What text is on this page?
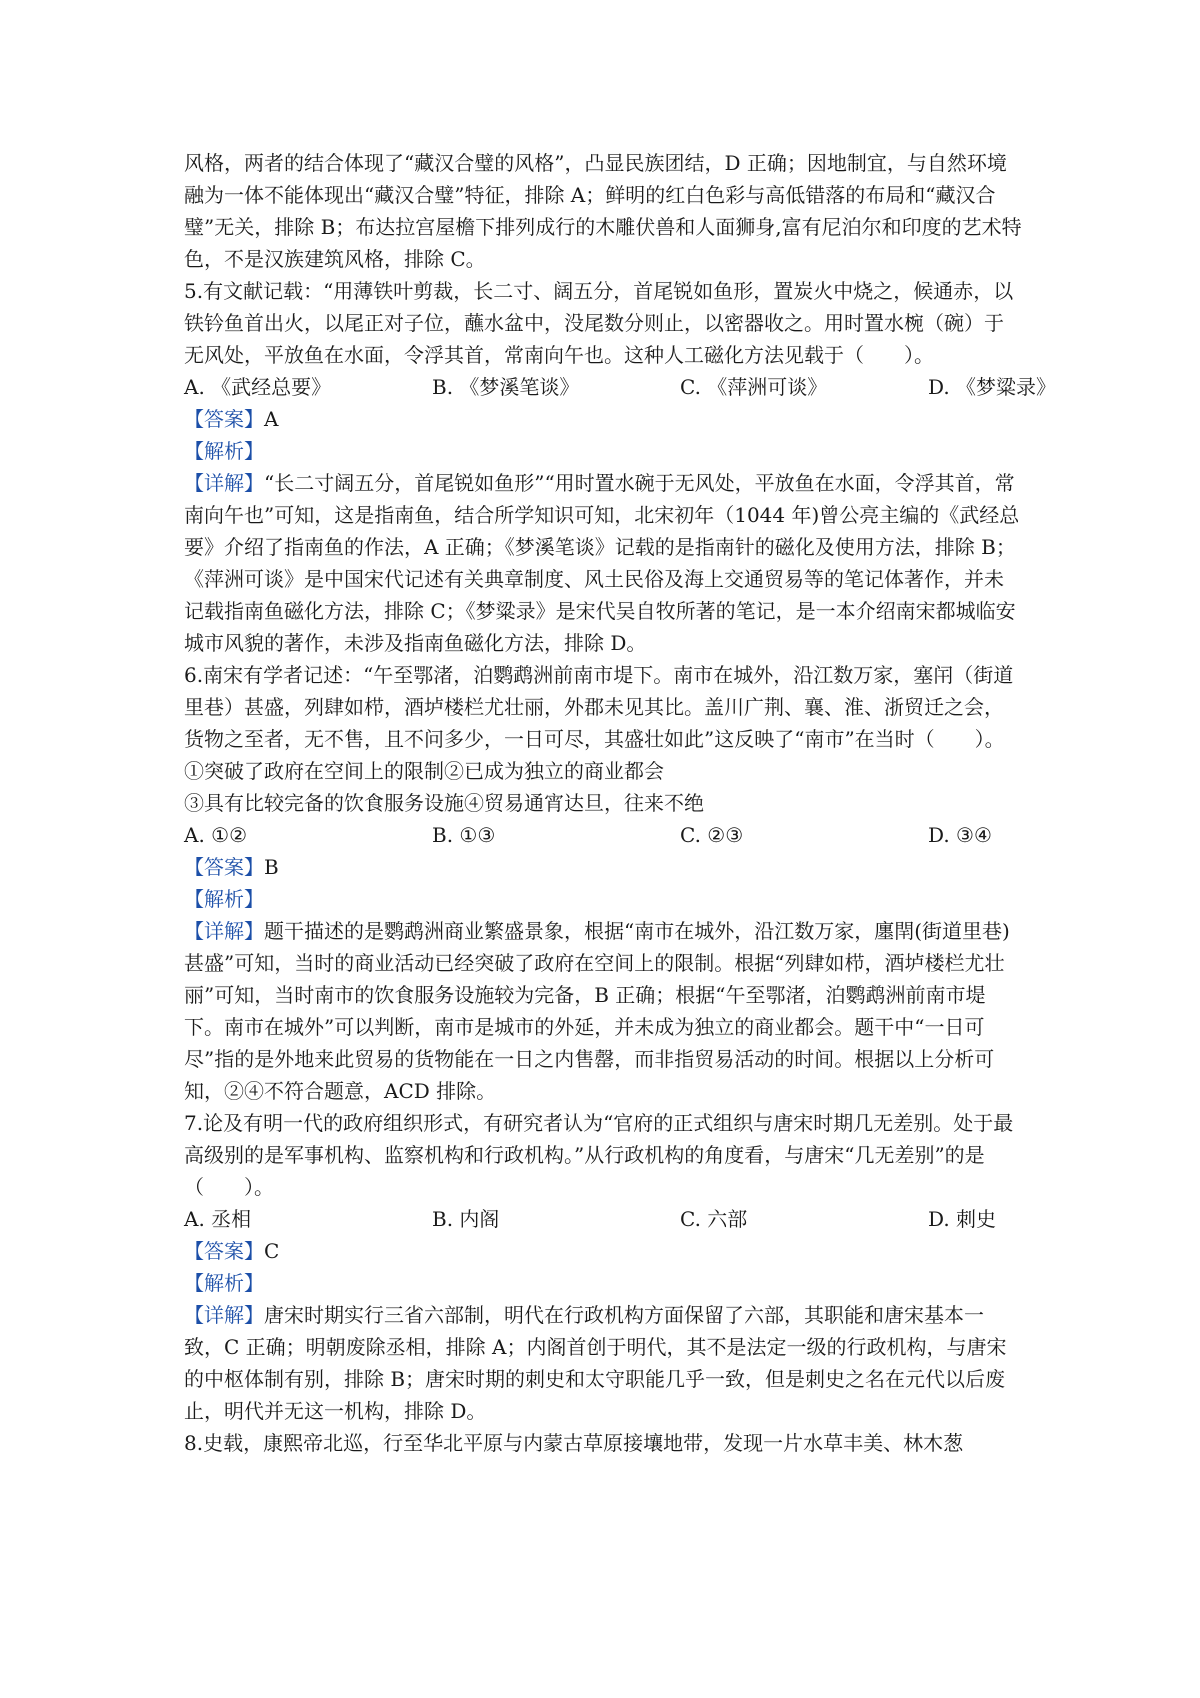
风格，两者的结合体现了“藏汉合璧的风格”，凸显民族团结，D 正确；因地制宜，与自然环境融为一体不能体现出“藏汉合璧”特征，排除 A；鲜明的红白色彩与高低错落的布局和“藏汉合璧”无关，排除 B；布达拉宫屋檐下排列成行的木雕伏兽和人面狮身,富有尼泊尔和印度的艺术特色，不是汉族建筑风格，排除 C。

5.有文献记载：“用薄铁叶剪裁，长二寸、阔五分，首尾锐如鱼形，置炭火中烧之，候通赤，以铁钤鱼首出火，以尾正对子位，蘸水盆中，没尾数分则止，以密器收之。用时置水椀（碗）于无风处，平放鱼在水面，令浮其首，常南向午也。这种人工磁化方法见载于（　　）。

A. 《武经总要》	B. 《梦溪笔谈》	C. 《萍洲可谈》	D. 《梦粱录》

【答案】A

【解析】

【详解】“长二寸阔五分，首尾锐如鱼形”“用时置水碗于无风处，平放鱼在水面，令浮其首，常南向午也”可知，这是指南鱼，结合所学知识可知，北宋初年（1044 年)曾公亮主编的《武经总要》介绍了指南鱼的作法，A 正确；《梦溪笔谈》记载的是指南针的磁化及使用方法，排除 B；《萍洲可谈》是中国宋代记述有关典章制度、风土民俗及海上交通贸易等的笔记体著作，并未记载指南鱼磁化方法，排除 C；《梦粱录》是宋代吴自牧所著的笔记，是一本介绍南宋都城临安城市风貌的著作，未涉及指南鱼磁化方法，排除 D。

6.南宋有学者记述：“午至鄂渚，泊鹦鹉洲前南市堤下。南市在城外，沿江数万家，塞闬（街道里巷）甚盛，列肆如栉，酒垆楼栏尤壮丽，外郡未见其比。盖川广荆、襄、淮、浙贸迁之会，货物之至者，无不售，且不问多少，一日可尽，其盛壮如此”这反映了“南市”在当时（　　）。

①突破了政府在空间上的限制②已成为独立的商业都会

③具有比较完备的饮食服务设施④贸易通宵达旦，往来不绝

A. ①②	B. ①③	C. ②③	D. ③④

【答案】B

【解析】

【详解】题干描述的是鹦鹉洲商业繁盛景象，根据“南市在城外，沿江数万家，廛閈(街道里巷)甚盛”可知，当时的商业活动已经突破了政府在空间上的限制。根据“列肆如栉，酒垆楼栏尤壮丽”可知，当时南市的饮食服务设施较为完备，B 正确；根据“午至鄂渚，泊鹦鹉洲前南市堤下。南市在城外”可以判断，南市是城市的外延，并未成为独立的商业都会。题干中“一日可尽”指的是外地来此贸易的货物能在一日之内售罄，而非指贸易活动的时间。根据以上分析可知，②④不符合题意，ACD 排除。

7.论及有明一代的政府组织形式，有研究者认为“官府的正式组织与唐宋时期几无差别。处于最高级别的是军事机构、监察机构和行政机构。”从行政机构的角度看，与唐宋“几无差别”的是（　　）。

A. 丞相	B. 内阁	C. 六部	D. 刺史

【答案】C

【解析】

【详解】唐宋时期实行三省六部制，明代在行政机构方面保留了六部，其职能和唐宋基本一致，C 正确；明朝废除丞相，排除 A；内阁首创于明代，其不是法定一级的行政机构，与唐宋的中枢体制有别，排除 B；唐宋时期的刺史和太守职能几乎一致，但是刺史之名在元代以后废止，明代并无这一机构，排除 D。

8.史载，康熙帝北巡，行至华北平原与内蒙古草原接壤地带，发现一片水草丰美、林木葱
